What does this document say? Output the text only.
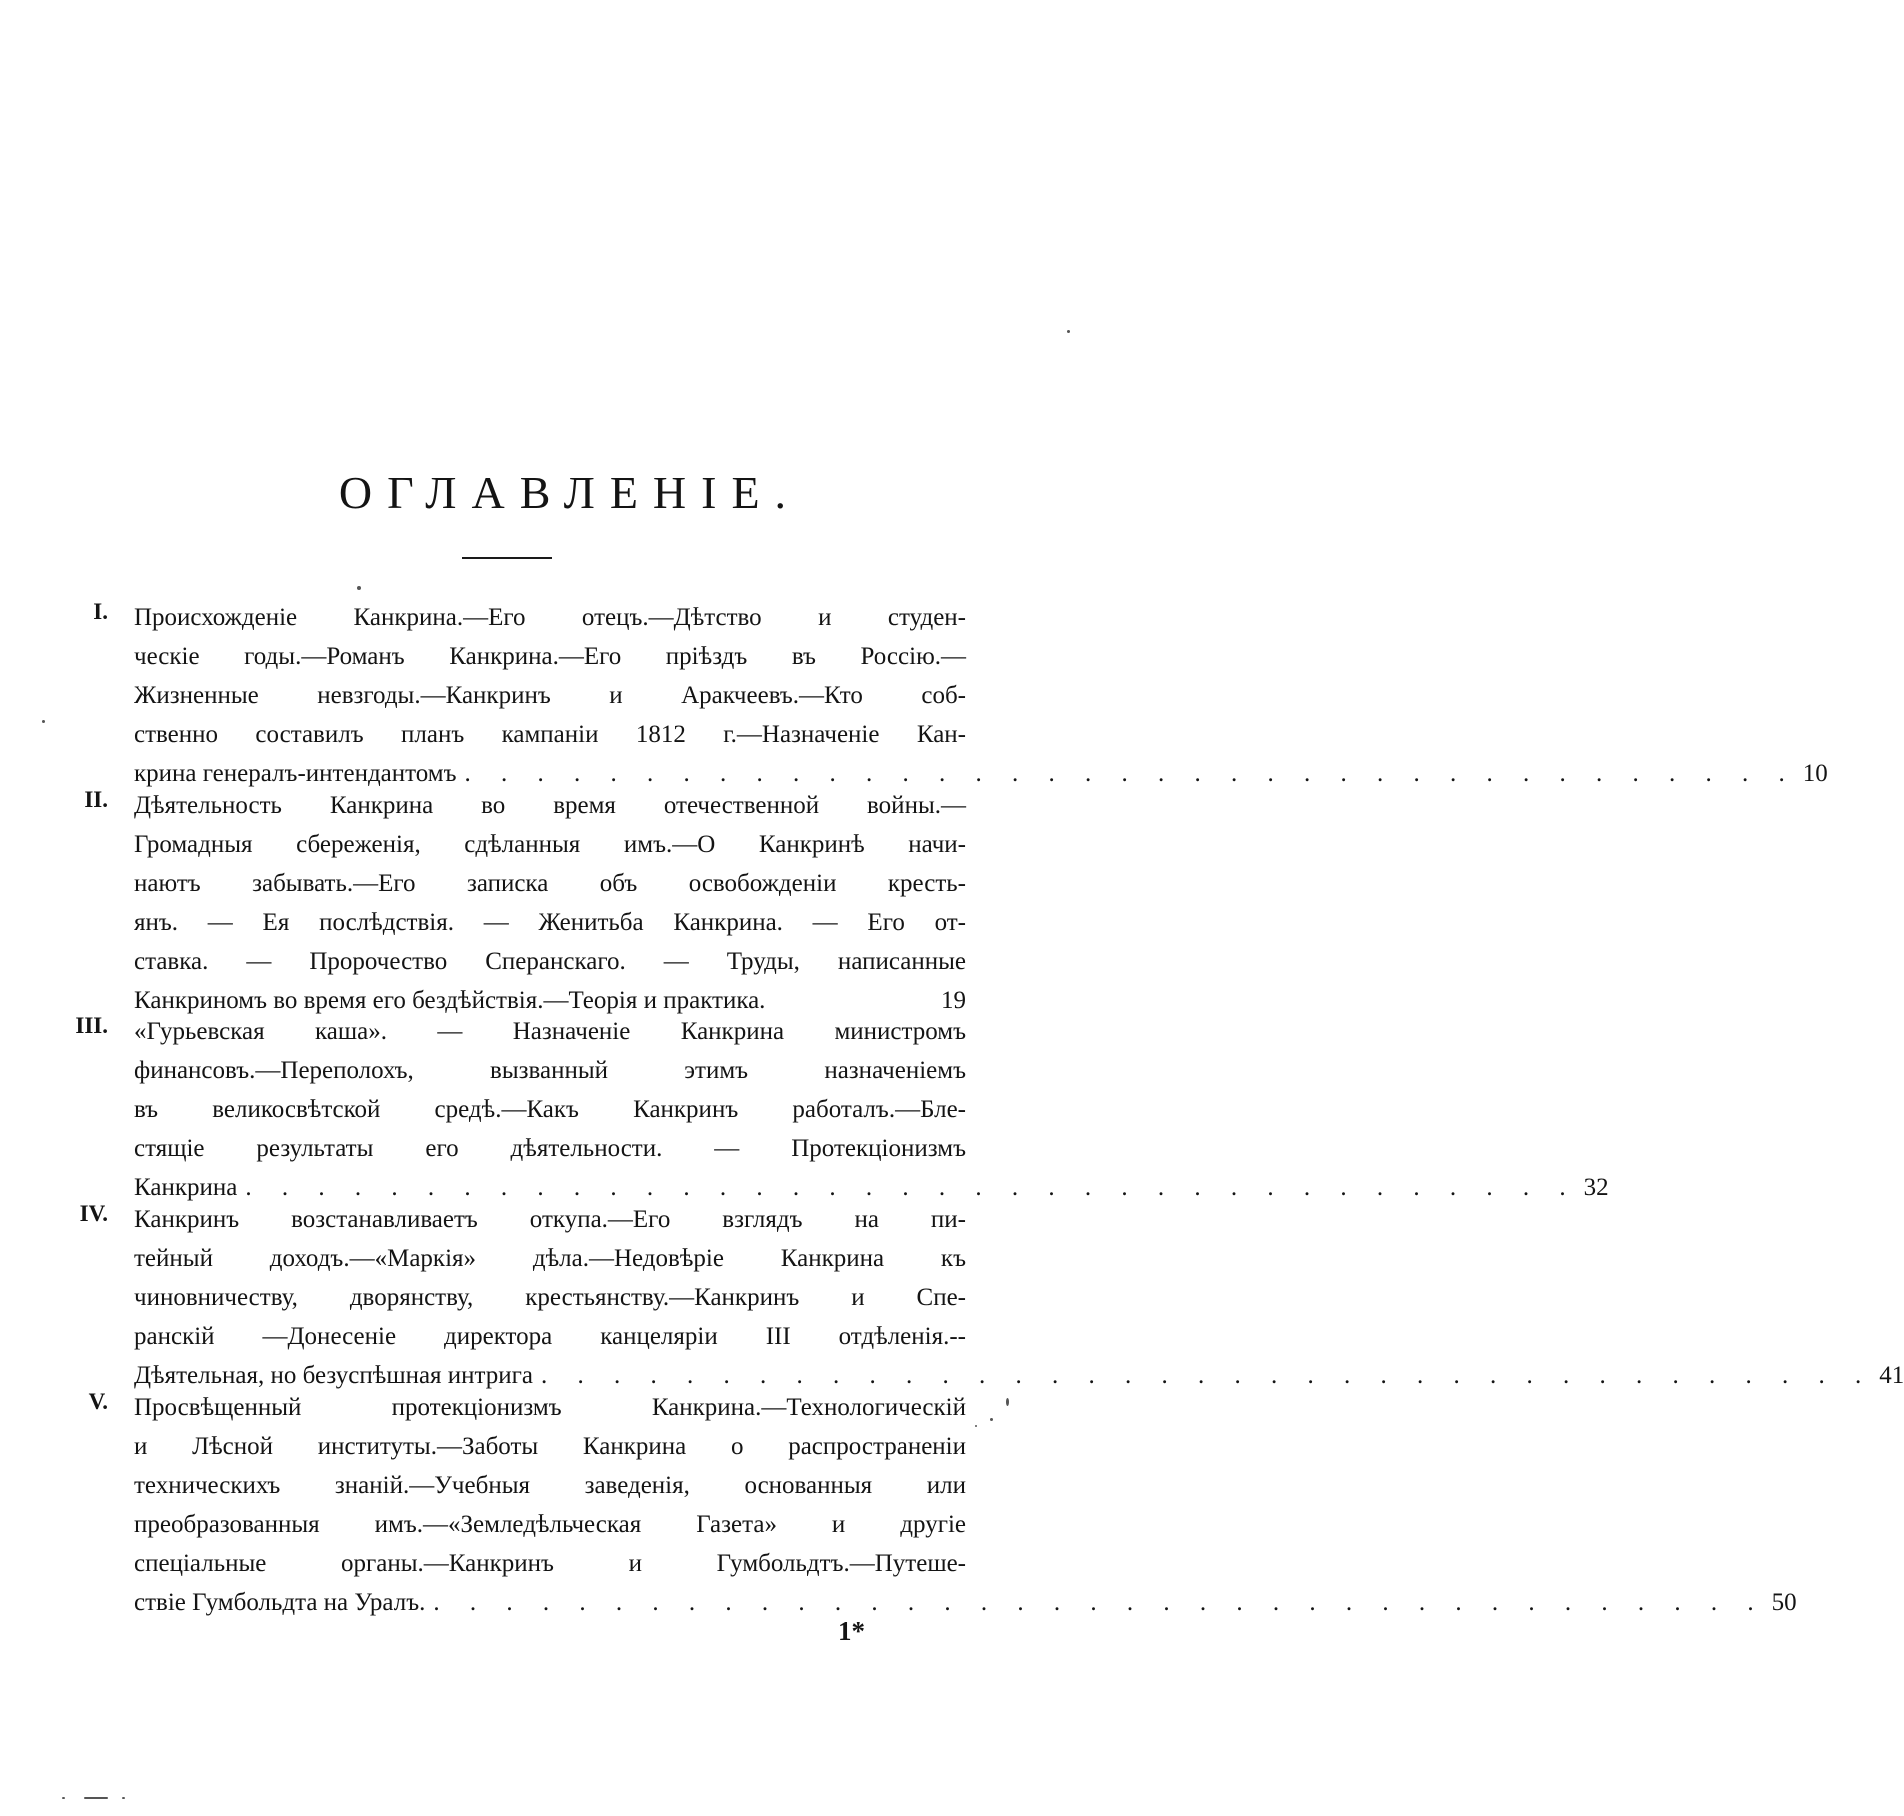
ОГЛАВЛЕНІЕ.
I. Происхожденіе Канкрина.—Его отецъ.—Дѣтство и студен-
ческіе годы.—Романъ Канкрина.—Его пріѣздъ въ Россію.—
Жизненные невзгоды.—Канкринъ и Аракчеевъ.—Кто соб-
ственно составилъ планъ кампаніи 1812 г.—Назначеніе Кан-
кринa генералъ-интендантомъ . . . . . . . . . . . . . . . . . . . . . . . . . . . . . . . . . . . . . 10
II. Дѣятельность Канкрина во время отечественной войны.—
Громадныя сбереженія, сдѣланныя имъ.—О Канкринѣ начи-
наютъ забывать.—Его записка объ освобожденіи кресть-
янъ. — Ея послѣдствія. — Женитьба Канкрина. — Его от-
ставка. — Пророчество Сперанскаго. — Труды, написанные
Канкриномъ во время его бездѣйствія.—Теорія и практика.	19
III. «Гурьевская каша». — Назначеніе Канкрина министромъ
финансовъ.—Переполохъ, вызванный этимъ назначеніемъ
въ великосвѣтской средѣ.—Какъ Канкринъ работалъ.—Бле-
стящіе результаты его дѣятельности. — Протекціонизмъ
Канкрина . . . . . . . . . . . . . . . . . . . . . . . . . . . . . . . . . . . . . 32
IV. Канкринъ возстанавливаетъ откупа.—Его взглядъ на пи-
тейный доходъ.—«Маркія» дѣла.—Недовѣріе Канкрина къ
чиновничеству, дворянству, крестьянству.—Канкринъ и Спе-
ранскій —Донесеніе директора канцеляріи III отдѣленія.--
Дѣятельная, но безуспѣшная интрига . . . . . . . . . . . . . . . . . . . . . . . . . . . . . . . . . . . . . 41
V. Просвѣщенный протекціонизмъ Канкрина.—Технологическій
и Лѣсной институты.—Заботы Канкрина о распространеніи
техническихъ знаній.—Учебныя заведенія, основанныя или
преобразованныя имъ.—«Земледѣльческая Газета» и другіе
спеціальные органы.—Канкринъ и Гумбольдтъ.—Путеше-
ствіе Гумбольдта на Уралъ. . . . . . . . . . . . . . . . . . . . . . . . . . . . . . . . . . . . . . 50
1*
